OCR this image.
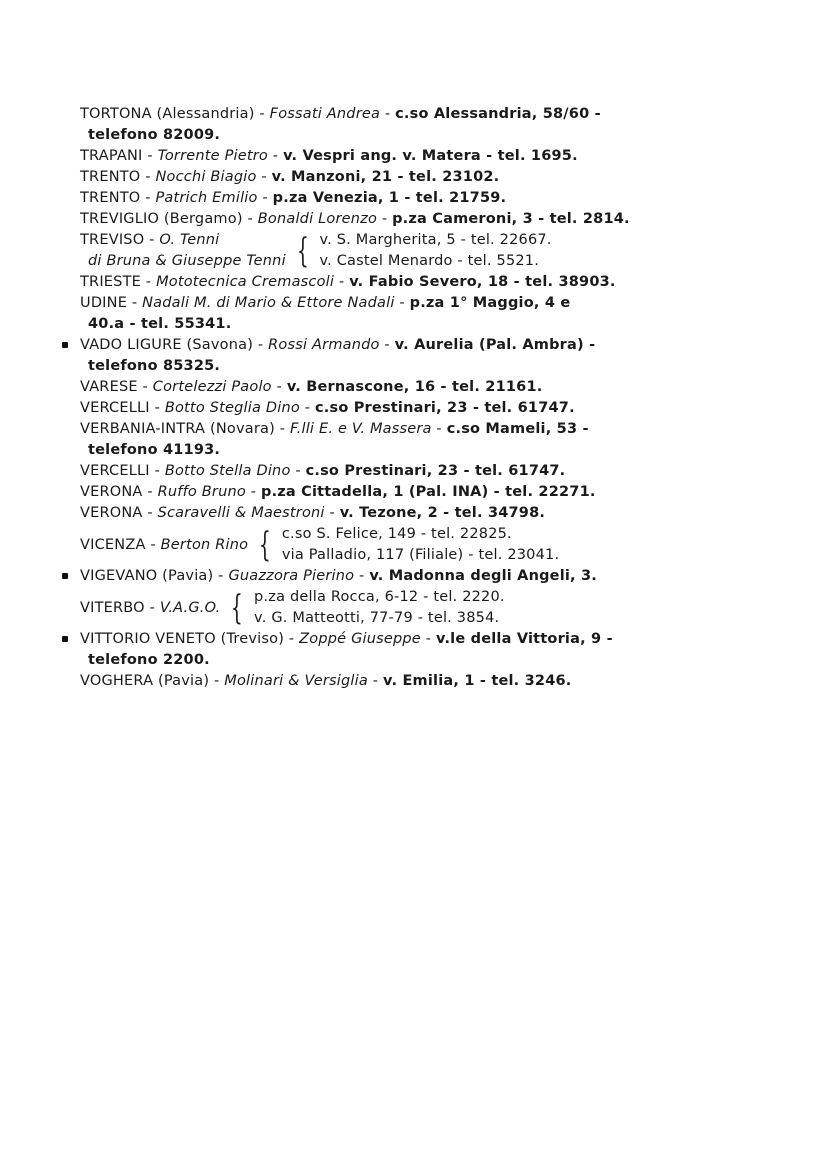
TORTONA (Alessandria) - Fossati Andrea - c.so Alessandria, 58/60 -
telefono 82009.
TRAPANI - Torrente Pietro - v. Vespri ang. v. Matera - tel. 1695.
TRENTO - Nocchi Biagio - v. Manzoni, 21 - tel. 23102.
TRENTO - Patrich Emilio - p.za Venezia, 1 - tel. 21759.
TREVIGLIO (Bergamo) - Bonaldi Lorenzo - p.za Cameroni, 3 - tel. 2814.
TREVISO - O. Tenni
di Bruna & Giuseppe Tenni { v. S. Margherita, 5 - tel. 22667.
v. Castel Menardo - tel. 5521.
TRIESTE - Mototecnica Cremascoli - v. Fabio Severo, 18 - tel. 38903.
UDINE - Nadali M. di Mario & Ettore Nadali - p.za 1° Maggio, 4 e
40.a - tel. 55341.
VADO LIGURE (Savona) - Rossi Armando - v. Aurelia (Pal. Ambra) -
telefono 85325.
VARESE - Cortelezzi Paolo - v. Bernascone, 16 - tel. 21161.
VERCELLI - Botto Steglia Dino - c.so Prestinari, 23 - tel. 61747.
VERBANIA-INTRA (Novara) - F.lli E. e V. Massera - c.so Mameli, 53 -
telefono 41193.
VERCELLI - Botto Stella Dino - c.so Prestinari, 23 - tel. 61747.
VERONA - Ruffo Bruno - p.za Cittadella, 1 (Pal. INA) - tel. 22271.
VERONA - Scaravelli & Maestroni - v. Tezone, 2 - tel. 34798.
VICENZA - Berton Rino { c.so S. Felice, 149 - tel. 22825.
via Palladio, 117 (Filiale) - tel. 23041.
VIGEVANO (Pavia) - Guazzora Pierino - v. Madonna degli Angeli, 3.
VITERBO - V.A.G.O. { p.za della Rocca, 6-12 - tel. 2220.
v. G. Matteotti, 77-79 - tel. 3854.
VITTORIO VENETO (Treviso) - Zoppé Giuseppe - v.le della Vittoria, 9 -
telefono 2200.
VOGHERA (Pavia) - Molinari & Versiglia - v. Emilia, 1 - tel. 3246.
